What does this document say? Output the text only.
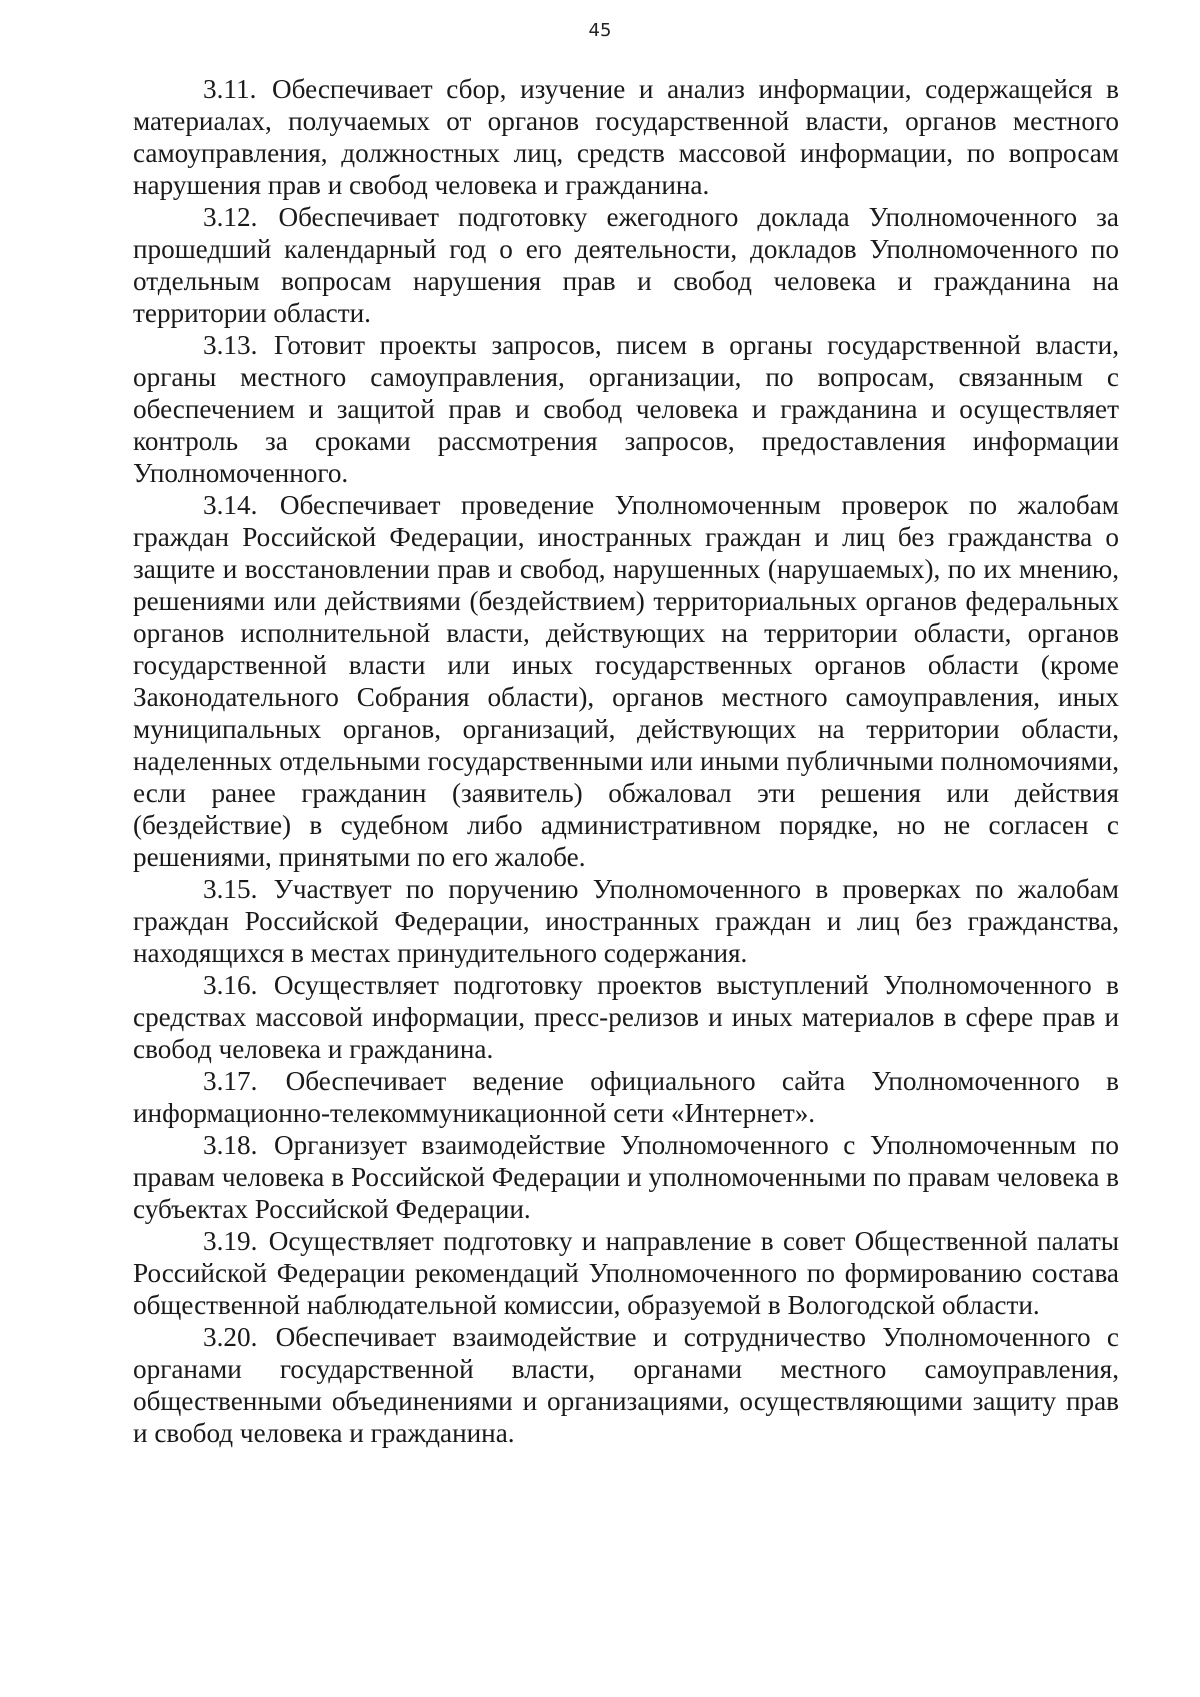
45

3.11. Обеспечивает сбор, изучение и анализ информации, содержащейся в материалах, получаемых от органов государственной власти, органов местного самоуправления, должностных лиц, средств массовой информации, по вопросам нарушения прав и свобод человека и гражданина.

3.12. Обеспечивает подготовку ежегодного доклада Уполномоченного за прошедший календарный год о его деятельности, докладов Уполномоченного по отдельным вопросам нарушения прав и свобод человека и гражданина на территории области.

3.13. Готовит проекты запросов, писем в органы государственной власти, органы местного самоуправления, организации, по вопросам, связанным с обеспечением и защитой прав и свобод человека и гражданина и осуществляет контроль за сроками рассмотрения запросов, предоставления информации Уполномоченного.

3.14. Обеспечивает проведение Уполномоченным проверок по жалобам граждан Российской Федерации, иностранных граждан и лиц без гражданства о защите и восстановлении прав и свобод, нарушенных (нарушаемых), по их мнению, решениями или действиями (бездействием) территориальных органов федеральных органов исполнительной власти, действующих на территории области, органов государственной власти или иных государственных органов области (кроме Законодательного Собрания области), органов местного самоуправления, иных муниципальных органов, организаций, действующих на территории области, наделенных отдельными государственными или иными публичными полномочиями, если ранее гражданин (заявитель) обжаловал эти решения или действия (бездействие) в судебном либо административном порядке, но не согласен с решениями, принятыми по его жалобе.

3.15. Участвует по поручению Уполномоченного в проверках по жалобам граждан Российской Федерации, иностранных граждан и лиц без гражданства, находящихся в местах принудительного содержания.

3.16. Осуществляет подготовку проектов выступлений Уполномоченного в средствах массовой информации, пресс-релизов и иных материалов в сфере прав и свобод человека и гражданина.

3.17. Обеспечивает ведение официального сайта Уполномоченного в информационно-телекоммуникационной сети «Интернет».

3.18. Организует взаимодействие Уполномоченного с Уполномоченным по правам человека в Российской Федерации и уполномоченными по правам человека в субъектах Российской Федерации.

3.19. Осуществляет подготовку и направление в совет Общественной палаты Российской Федерации рекомендаций Уполномоченного по формированию состава общественной наблюдательной комиссии, образуемой в Вологодской области.

3.20. Обеспечивает взаимодействие и сотрудничество Уполномоченного с органами государственной власти, органами местного самоуправления, общественными объединениями и организациями, осуществляющими защиту прав и свобод человека и гражданина.
